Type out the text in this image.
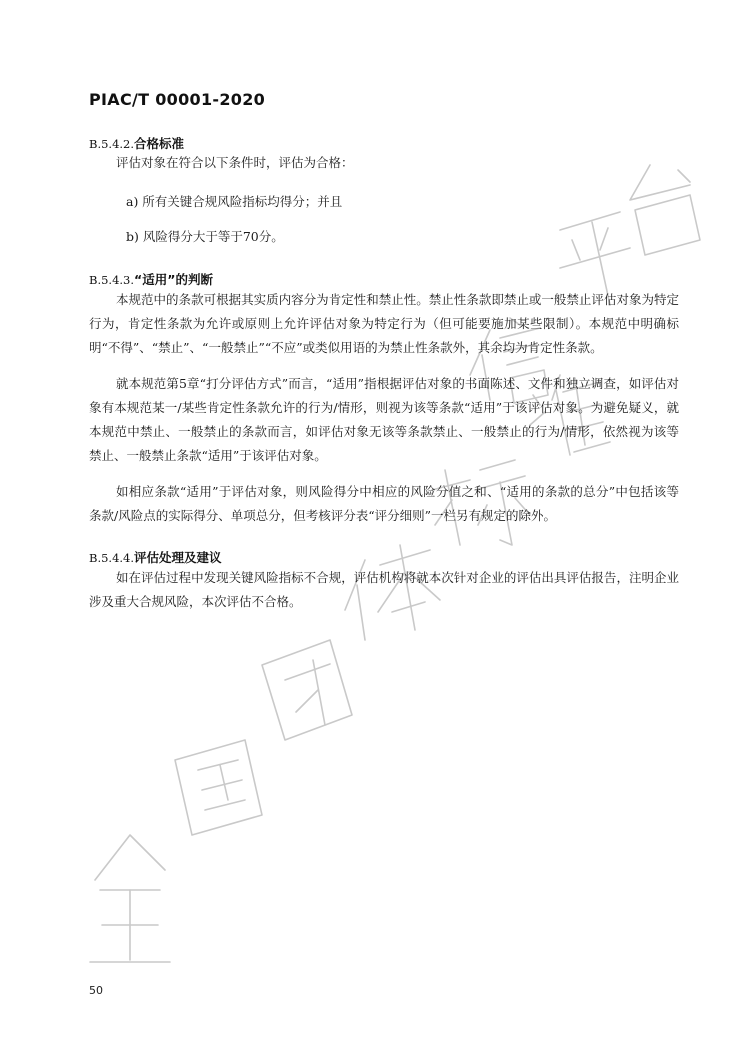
PIAC/T 00001-2020
B.5.4.2.合格标准
评估对象在符合以下条件时，评估为合格：
a) 所有关键合规风险指标均得分；并且
b) 风险得分大于等于70分。
B.5.4.3.“适用”的判断
本规范中的条款可根据其实质内容分为肯定性和禁止性。禁止性条款即禁止或一般禁止评估对象为特定行为，肯定性条款为允许或原则上允许评估对象为特定行为（但可能要施加某些限制）。本规范中明确标明“不得”、“禁止”、“一般禁止”“不应”或类似用语的为禁止性条款外，其余均为肯定性条款。
就本规范第5章“打分评估方式”而言，“适用”指根据评估对象的书面陈述、文件和独立调查，如评估对象有本规范某一/某些肯定性条款允许的行为/情形，则视为该等条款“适用”于该评估对象。为避免疑义，就本规范中禁止、一般禁止的条款而言，如评估对象无该等条款禁止、一般禁止的行为/情形，依然视为该等禁止、一般禁止条款“适用”于该评估对象。
如相应条款“适用”于评估对象，则风险得分中相应的风险分值之和、“适用的条款的总分”中包括该等条款/风险点的实际得分、单项总分，但考核评分表“评分细则”一栏另有规定的除外。
B.5.4.4.评估处理及建议
如在评估过程中发现关键风险指标不合规，评估机构将就本次针对企业的评估出具评估报告，注明企业涉及重大合规风险，本次评估不合格。
50
